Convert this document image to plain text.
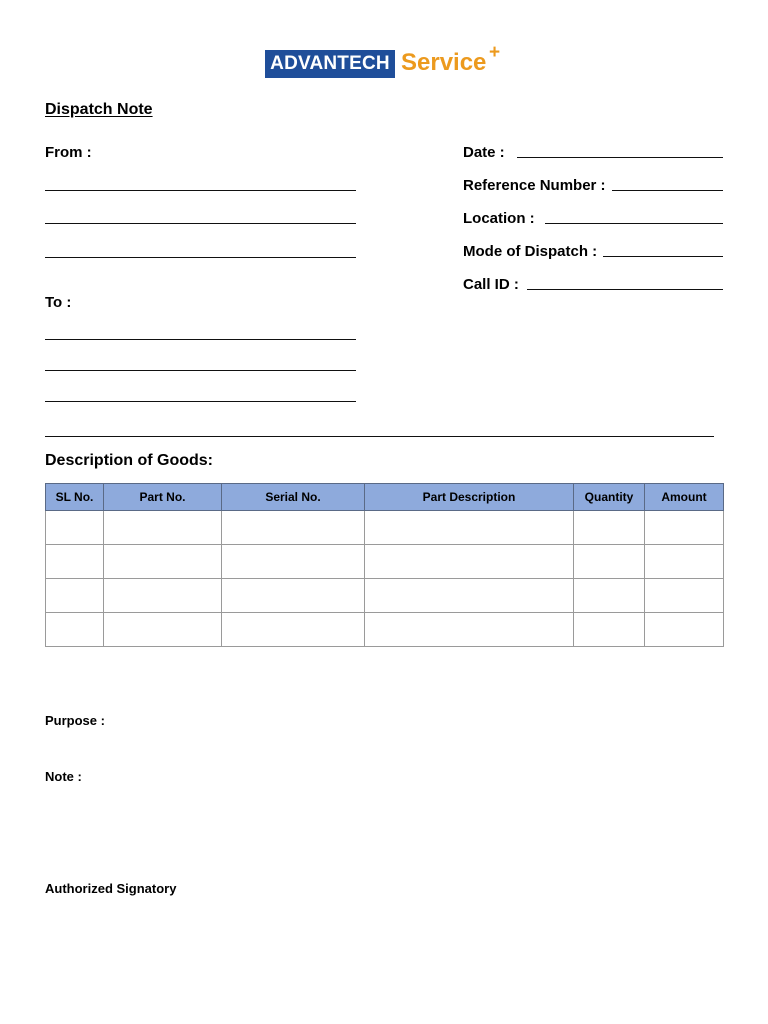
ADVANTECH Service +
Dispatch Note
From :
To :
Date :
Reference Number :
Location :
Mode of Dispatch :
Call ID :
Description of Goods:
SL No.	Part No.	Serial No.	Part Description	Quantity	Amount

Purpose :
Note :
Authorized Signatory
